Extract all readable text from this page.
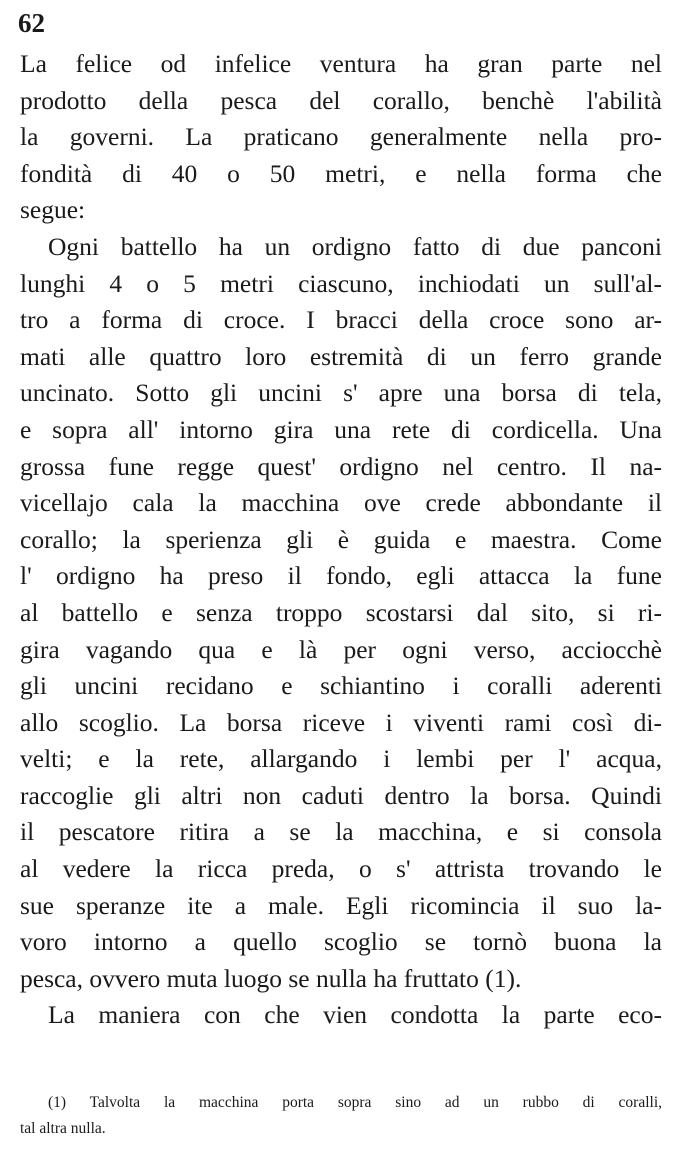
62
La felice od infelice ventura ha gran parte nel
prodotto della pesca del corallo, benchè l'abilità
la governi. La praticano generalmente nella pro-
fondità di 40 o 50 metri, e nella forma che
segue:
Ogni battello ha un ordigno fatto di due panconi
lunghi 4 o 5 metri ciascuno, inchiodati un sull'al-
tro a forma di croce. I bracci della croce sono ar-
mati alle quattro loro estremità di un ferro grande
uncinato. Sotto gli uncini s' apre una borsa di tela,
e sopra all' intorno gira una rete di cordicella. Una
grossa fune regge quest' ordigno nel centro. Il na-
vicellajo cala la macchina ove crede abbondante il
corallo; la sperienza gli è guida e maestra. Come
l' ordigno ha preso il fondo, egli attacca la fune
al battello e senza troppo scostarsi dal sito, si ri-
gira vagando qua e là per ogni verso, acciocchè
gli uncini recidano e schiantino i coralli aderenti
allo scoglio. La borsa riceve i viventi rami così di-
velti; e la rete, allargando i lembi per l' acqua,
raccoglie gli altri non caduti dentro la borsa. Quindi
il pescatore ritira a se la macchina, e si consola
al vedere la ricca preda, o s' attrista trovando le
sue speranze ite a male. Egli ricomincia il suo la-
voro intorno a quello scoglio se tornò buona la
pesca, ovvero muta luogo se nulla ha fruttato (1).
La maniera con che vien condotta la parte eco-
(1) Talvolta la macchina porta sopra sino ad un rubbo di coralli,
tal altra nulla.
